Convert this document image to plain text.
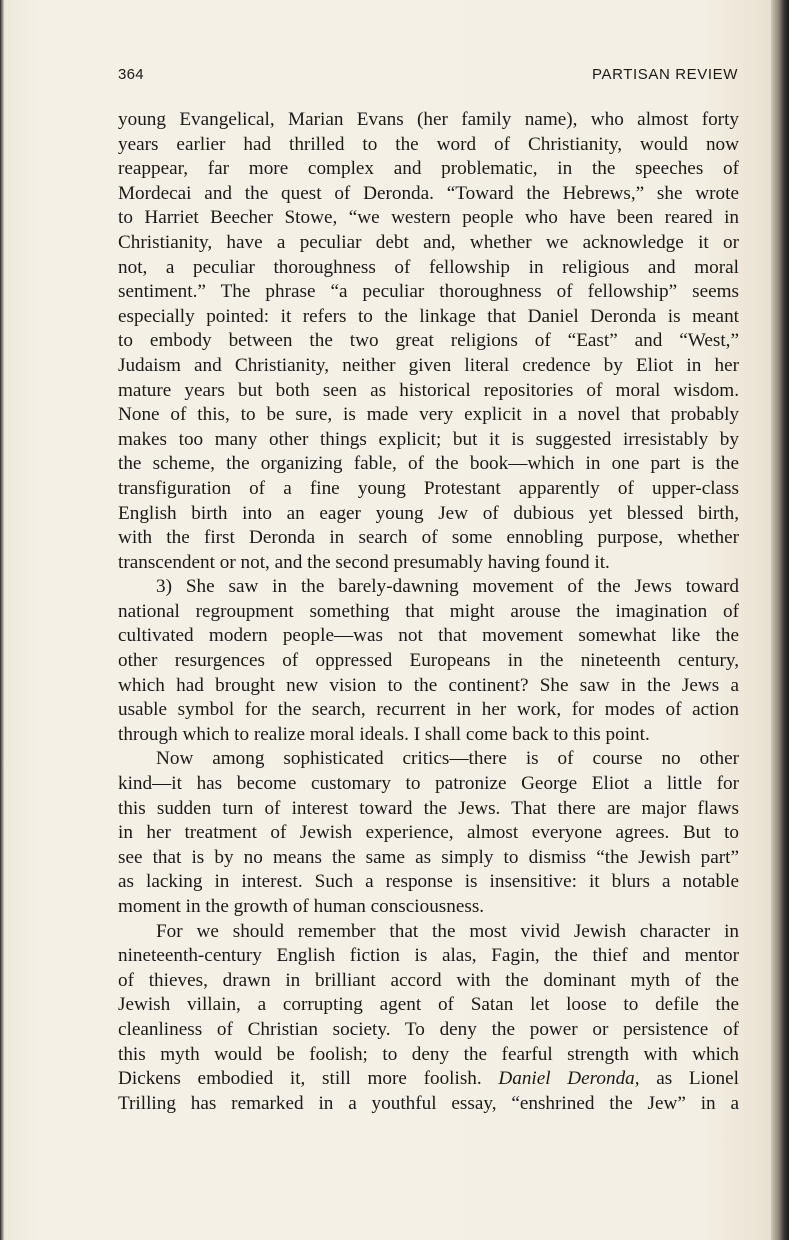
364	PARTISAN REVIEW
young Evangelical, Marian Evans (her family name), who almost forty
years earlier had thrilled to the word of Christianity, would now
reappear, far more complex and problematic, in the speeches of
Mordecai and the quest of Deronda. “Toward the Hebrews,” she wrote
to Harriet Beecher Stowe, “we western people who have been reared in
Christianity, have a peculiar debt and, whether we acknowledge it or
not, a peculiar thoroughness of fellowship in religious and moral
sentiment.” The phrase “a peculiar thoroughness of fellowship” seems
especially pointed: it refers to the linkage that Daniel Deronda is meant
to embody between the two great religions of “East” and “West,”
Judaism and Christianity, neither given literal credence by Eliot in her
mature years but both seen as historical repositories of moral wisdom.
None of this, to be sure, is made very explicit in a novel that probably
makes too many other things explicit; but it is suggested irresistably by
the scheme, the organizing fable, of the book—which in one part is the
transfiguration of a fine young Protestant apparently of upper-class
English birth into an eager young Jew of dubious yet blessed birth,
with the first Deronda in search of some ennobling purpose, whether
transcendent or not, and the second presumably having found it.
3) She saw in the barely-dawning movement of the Jews toward
national regroupment something that might arouse the imagination of
cultivated modern people—was not that movement somewhat like the
other resurgences of oppressed Europeans in the nineteenth century,
which had brought new vision to the continent? She saw in the Jews a
usable symbol for the search, recurrent in her work, for modes of action
through which to realize moral ideals. I shall come back to this point.
Now among sophisticated critics—there is of course no other
kind—it has become customary to patronize George Eliot a little for
this sudden turn of interest toward the Jews. That there are major flaws
in her treatment of Jewish experience, almost everyone agrees. But to
see that is by no means the same as simply to dismiss “the Jewish part”
as lacking in interest. Such a response is insensitive: it blurs a notable
moment in the growth of human consciousness.
For we should remember that the most vivid Jewish character in
nineteenth-century English fiction is alas, Fagin, the thief and mentor
of thieves, drawn in brilliant accord with the dominant myth of the
Jewish villain, a corrupting agent of Satan let loose to defile the
cleanliness of Christian society. To deny the power or persistence of
this myth would be foolish; to deny the fearful strength with which
Dickens embodied it, still more foolish. Daniel Deronda, as Lionel
Trilling has remarked in a youthful essay, “enshrined the Jew” in a
